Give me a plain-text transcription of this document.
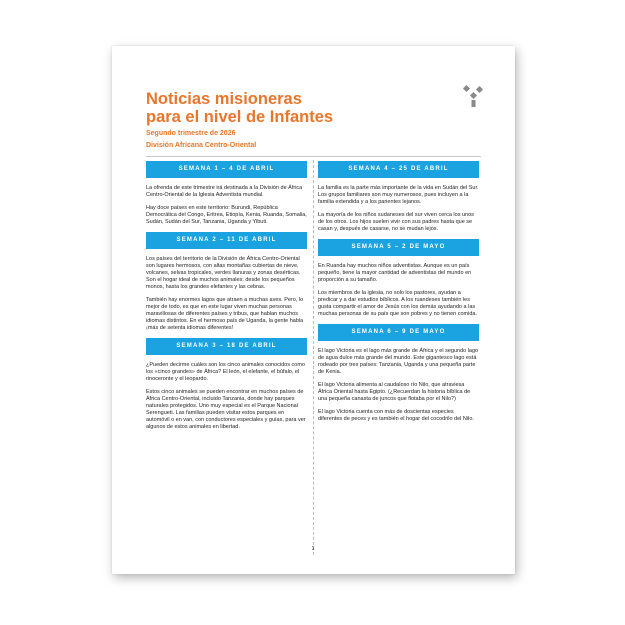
Noticias misioneras
para el nivel de Infantes
Segundo trimestre de 2026
División Africana Centro-Oriental
SEMANA 1 – 4 DE ABRIL

La ofrenda de este trimestre irá destinada a la División de África Centro-Oriental de la Iglesia Adventista mundial.

Hay doce países en este territorio: Burundi, República Democrática del Congo, Eritrea, Etiopía, Kenia, Ruanda, Somalia, Sudán, Sudán del Sur, Tanzania, Uganda y Yibuti.

SEMANA 2 – 11 DE ABRIL

Los países del territorio de la División de África Centro-Oriental son lugares hermosos, con altas montañas cubiertas de nieve, volcanes, selvas tropicales, verdes llanuras y zonas desérticas. Son el hogar ideal de muchos animales: desde los pequeños monos, hasta los grandes elefantes y las cebras.

También hay enormes lagos que atraen a muchas aves. Pero, lo mejor de todo, es que en este lugar viven muchas personas maravillosas de diferentes países y tribus, que hablan muchos idiomas distintos. En el hermoso país de Uganda, la gente habla ¡más de setenta idiomas diferentes!

SEMANA 3 – 18 DE ABRIL

¿Pueden decirme cuáles son los cinco animales conocidos como los «cinco grandes» de África? El león, el elefante, el búfalo, el rinoceronte y el leopardo.

Estos cinco animales se pueden encontrar en muchos países de África Centro-Oriental, incluido Tanzania, donde hay parques naturales protegidos. Uno muy especial es el Parque Nacional Serengueti. Las familias pueden visitar estos parques en automóvil o en van, con conductores especiales y guías, para ver algunos de estos animales en libertad.

SEMANA 4 – 25 DE ABRIL

La familia es la parte más importante de la vida en Sudán del Sur. Los grupos familiares son muy numerosos, pues incluyen a la familia extendida y a los parientes lejanos.

La mayoría de los niños sudaneses del sur viven cerca los unos de los otros. Los hijos suelen vivir con sus padres hasta que se casan y, después de casarse, no se mudan lejos.

SEMANA 5 – 2 DE MAYO

En Ruanda hay muchos niños adventistas. Aunque es un país pequeño, tiene la mayor cantidad de adventistas del mundo en proporción a su tamaño.

Los miembros de la iglesia, no solo los pastores, ayudan a predicar y a dar estudios bíblicos. A los ruandeses también les gusta compartir el amor de Jesús con los demás ayudando a las muchas personas de su país que son pobres y no tienen comida.

SEMANA 6 – 9 DE MAYO

El lago Victoria es el lago más grande de África y el segundo lago de agua dulce más grande del mundo. Este gigantesco lago está rodeado por tres países: Tanzania, Uganda y una pequeña parte de Kenia.

El lago Victoria alimenta al caudaloso río Nilo, que atraviesa África Oriental hasta Egipto. (¿Recuerdan la historia bíblica de una pequeña canasta de juncos que flotaba por el Nilo?)

El lago Victoria cuenta con más de doscientas especies diferentes de peces y es también el hogar del cocodrilo del Nilo.

1
